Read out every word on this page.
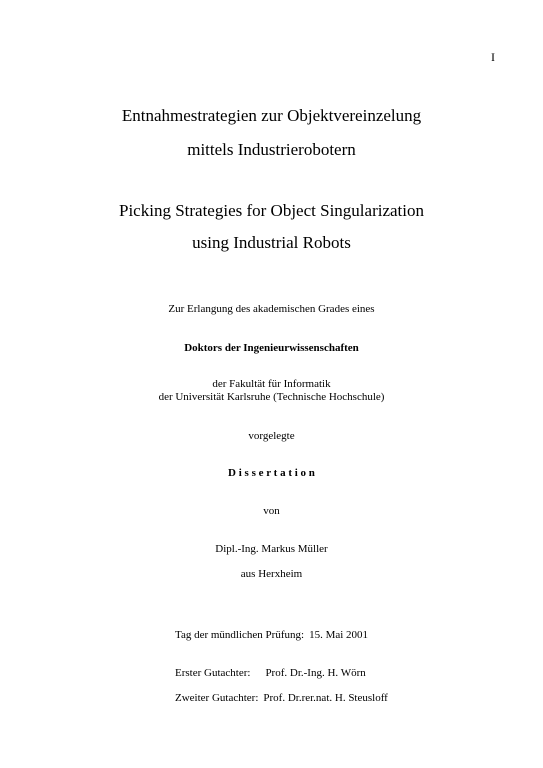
I
Entnahmestrategien zur Objektvereinzelung
mittels Industrierobotern
Picking Strategies for Object Singularization
using Industrial Robots
Zur Erlangung des akademischen Grades eines
Doktors der Ingenieurwissenschaften
der Fakultät für Informatik
der Universität Karlsruhe (Technische Hochschule)
vorgelegte
D i s s e r t a t i o n
von
Dipl.-Ing. Markus Müller
aus Herxheim
Tag der mündlichen Prüfung: 15. Mai 2001
Erster Gutachter: Prof. Dr.-Ing. H. Wörn
Zweiter Gutachter: Prof. Dr.rer.nat. H. Steusloff
